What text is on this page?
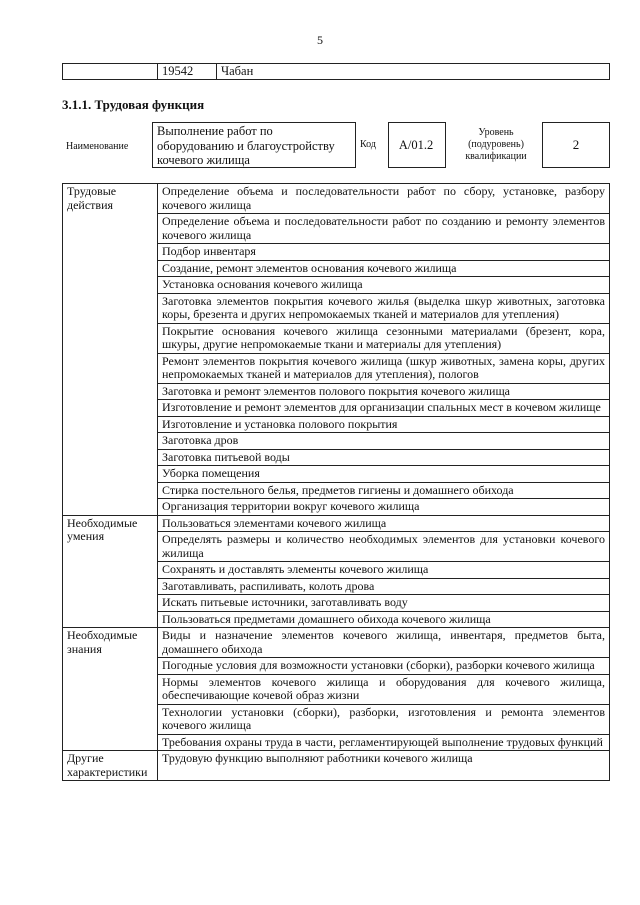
5
	19542	Чабан
3.1.1. Трудовая функция
Наименование
Выполнение работ по оборудованию и благоустройству кочевого жилища
Код	A/01.2
Уровень (подуровень) квалификации
2
Трудовые действия	Определение объема и последовательности работ по сбору, установке, разбору кочевого жилища
	Определение объема и последовательности работ по созданию и ремонту элементов кочевого жилища
	Подбор инвентаря
	Создание, ремонт элементов основания кочевого жилища
	Установка основания кочевого жилища
	Заготовка элементов покрытия кочевого жилья (выделка шкур животных, заготовка коры, брезента и других непромокаемых тканей и материалов для утепления)
	Покрытие основания кочевого жилища сезонными материалами (брезент, кора, шкуры, другие непромокаемые ткани и материалы для утепления)
	Ремонт элементов покрытия кочевого жилища (шкур животных, замена коры, других непромокаемых тканей и материалов для утепления), пологов
	Заготовка и ремонт элементов полового покрытия кочевого жилища
	Изготовление и ремонт элементов для организации спальных мест в кочевом жилище
	Изготовление и установка полового покрытия
	Заготовка дров
	Заготовка питьевой воды
	Уборка помещения
	Стирка постельного белья, предметов гигиены и домашнего обихода
	Организация территории вокруг кочевого жилища
Необходимые умения	Пользоваться элементами кочевого жилища
	Определять размеры и количество необходимых элементов для установки кочевого жилища
	Сохранять и доставлять элементы кочевого жилища
	Заготавливать, распиливать, колоть дрова
	Искать питьевые источники, заготавливать воду
	Пользоваться предметами домашнего обихода кочевого жилища
Необходимые знания	Виды и назначение элементов кочевого жилища, инвентаря, предметов быта, домашнего обихода
	Погодные условия для возможности установки (сборки), разборки кочевого жилища
	Нормы элементов кочевого жилища и оборудования для кочевого жилища, обеспечивающие кочевой образ жизни
	Технологии установки (сборки), разборки, изготовления и ремонта элементов кочевого жилища
	Требования охраны труда в части, регламентирующей выполнение трудовых функций
Другие характеристики	Трудовую функцию выполняют работники кочевого жилища
